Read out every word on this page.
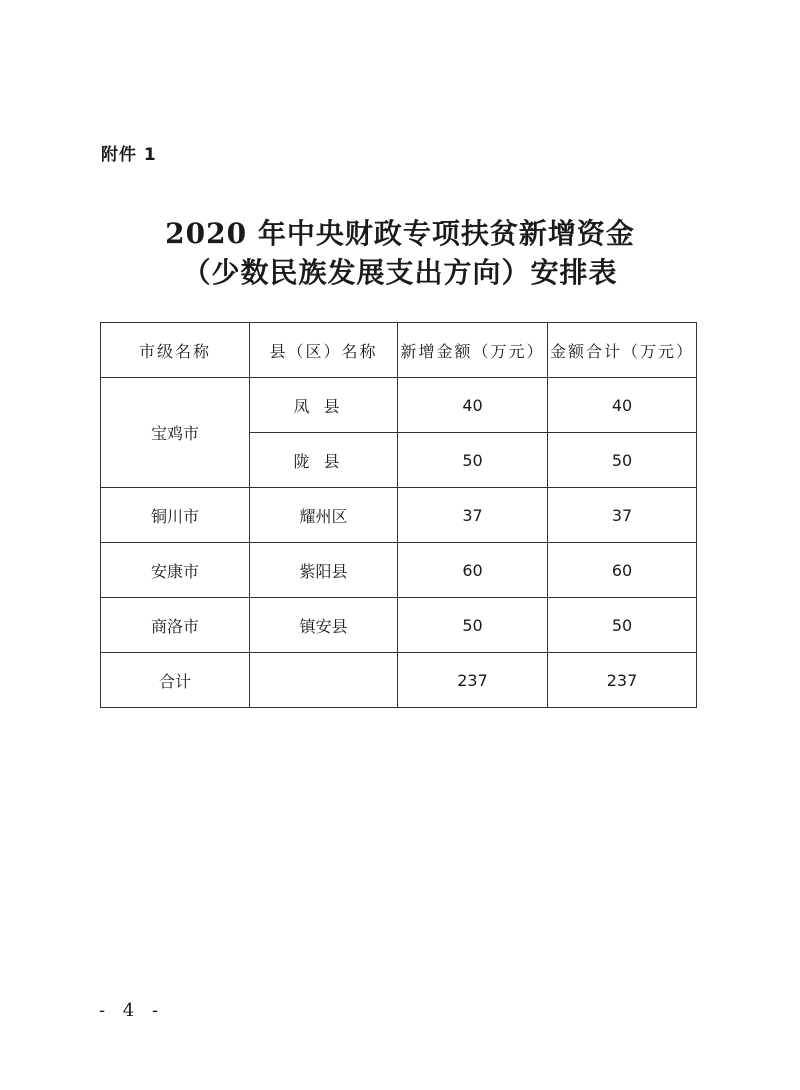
附件 1
2020 年中央财政专项扶贫新增资金
（少数民族发展支出方向）安排表
市级名称	县（区）名称	新增金额（万元）	金额合计（万元）
宝鸡市	凤县	40	40
	陇县	50	50
铜川市	耀州区	37	37
安康市	紫阳县	60	60
商洛市	镇安县	50	50
合计		237	237
- 4 -
